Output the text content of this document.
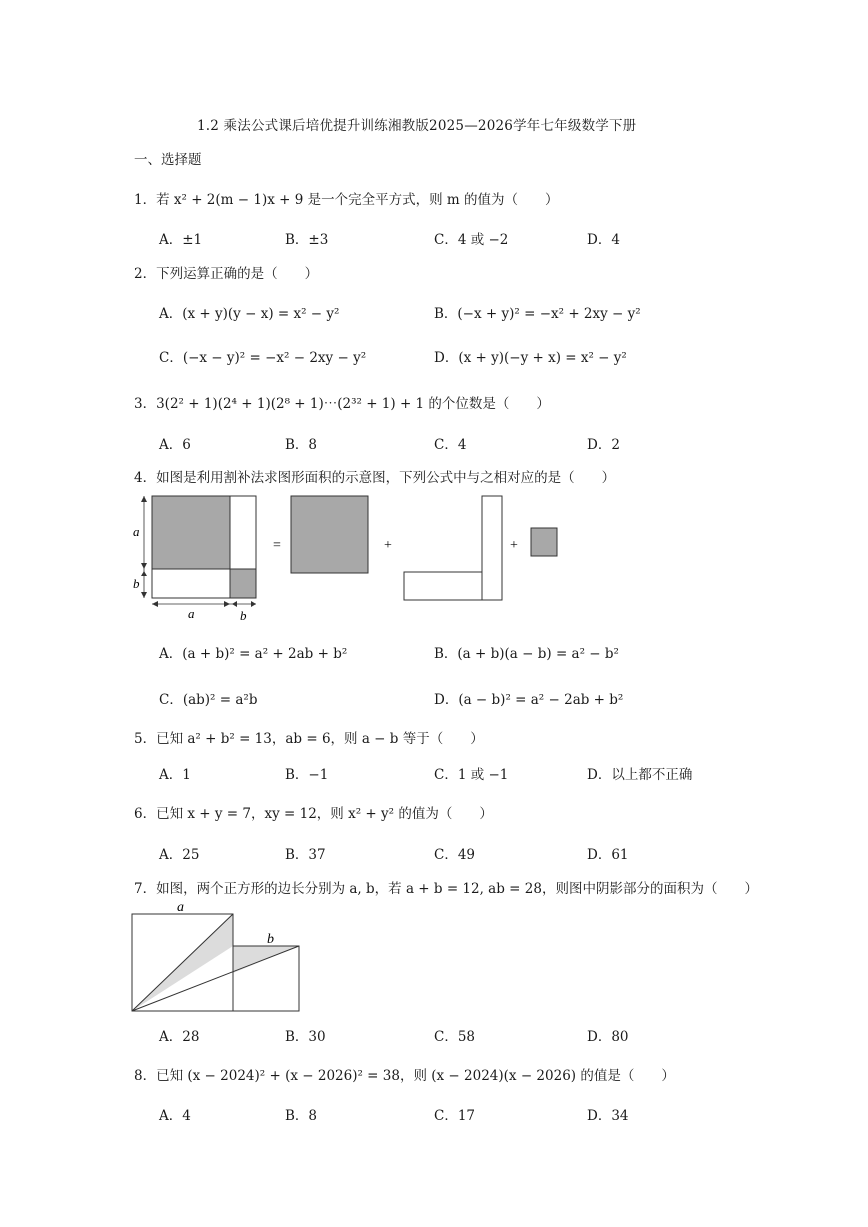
1.2 乘法公式课后培优提升训练湘教版2025—2026学年七年级数学下册
一、选择题
1．若 x² + 2(m − 1)x + 9 是一个完全平方式，则 m 的值为（　　）
A．±1	B．±3	C．4 或 −2	D．4
2．下列运算正确的是（　　）
A．(x + y)(y − x) = x² − y²	B．(−x + y)² = −x² + 2xy − y²
C．(−x − y)² = −x² − 2xy − y²	D．(x + y)(−y + x) = x² − y²
3．3(2² + 1)(2⁴ + 1)(2⁸ + 1)⋯(2³² + 1) + 1 的个位数是（　　）
A．6	B．8	C．4	D．2
4．如图是利用割补法求图形面积的示意图，下列公式中与之相对应的是（　　）
a
b
a	b
=	+	+
A．(a + b)² = a² + 2ab + b²	B．(a + b)(a − b) = a² − b²
C．(ab)² = a²b	D．(a − b)² = a² − 2ab + b²
5．已知 a² + b² = 13，ab = 6，则 a − b 等于（　　）
A．1	B．−1	C．1 或 −1	D．以上都不正确
6．已知 x + y = 7，xy = 12，则 x² + y² 的值为（　　）
A．25	B．37	C．49	D．61
7．如图，两个正方形的边长分别为 a, b，若 a + b = 12, ab = 28，则图中阴影部分的面积为（　　）
a
b
A．28	B．30	C．58	D．80
8．已知 (x − 2024)² + (x − 2026)² = 38，则 (x − 2024)(x − 2026) 的值是（　　）
A．4	B．8	C．17	D．34
